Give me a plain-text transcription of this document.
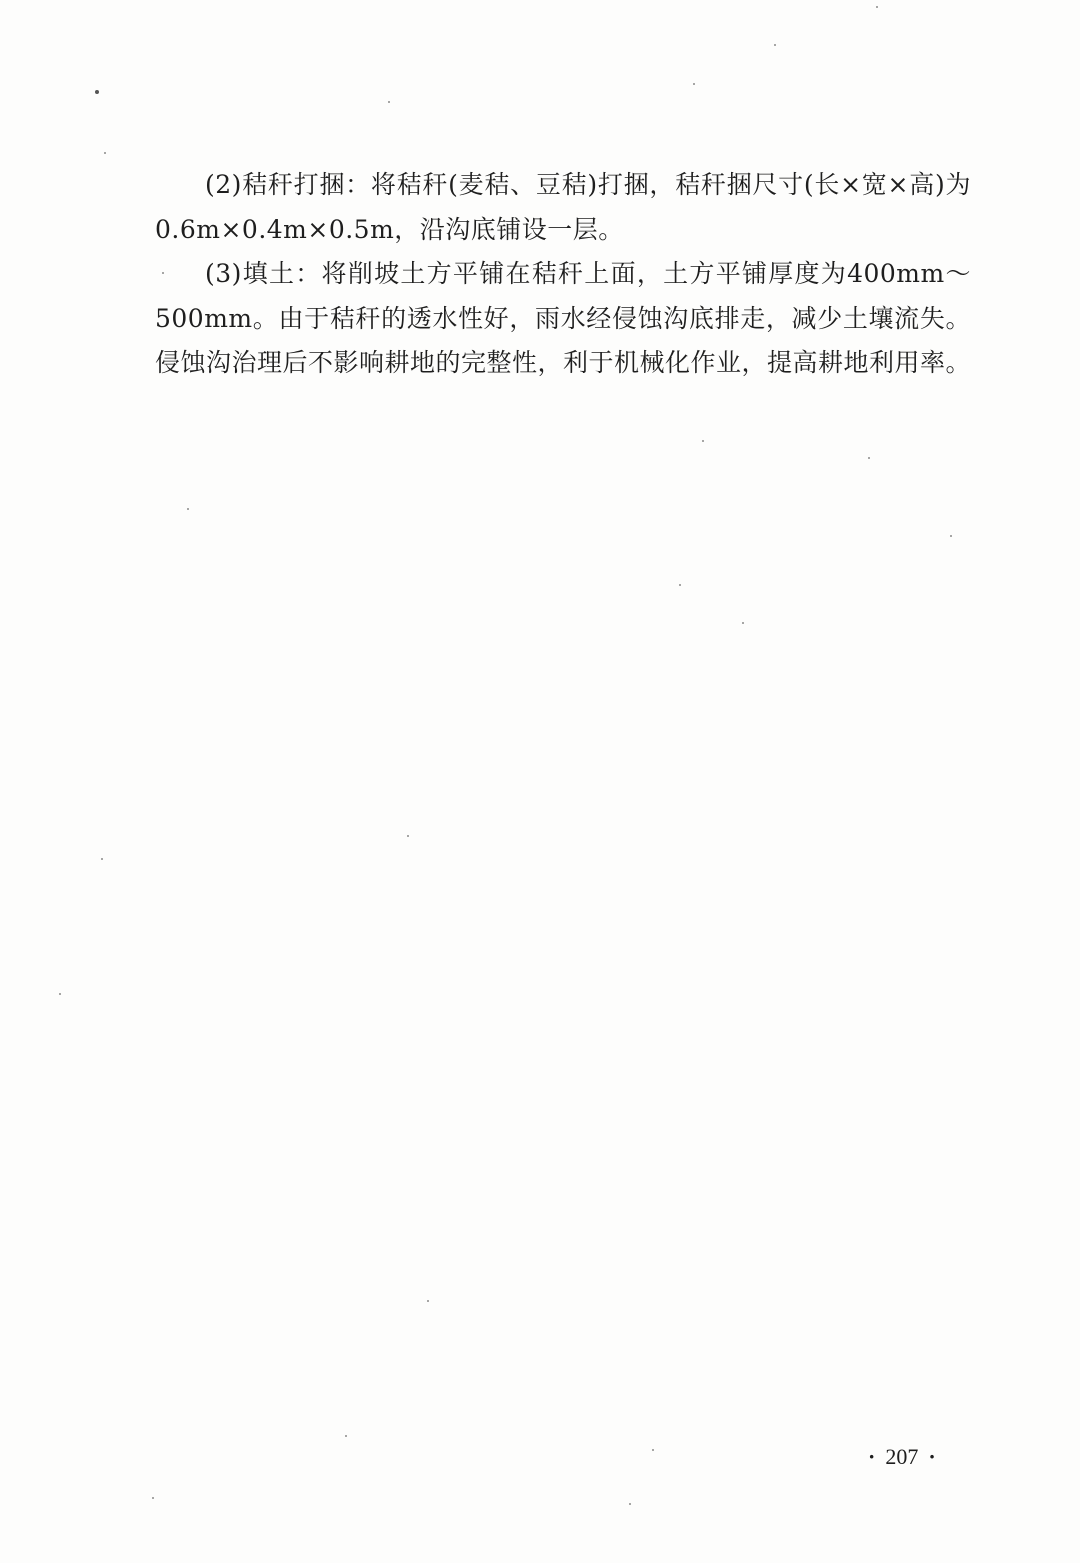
(2)秸秆打捆：将秸秆(麦秸、豆秸)打捆，秸秆捆尺寸(长×宽×高)为 0.6m×0.4m×0.5m，沿沟底铺设一层。

(3)填土：将削坡土方平铺在秸秆上面，土方平铺厚度为400mm～500mm。由于秸秆的透水性好，雨水经侵蚀沟底排走，减少土壤流失。侵蚀沟治理后不影响耕地的完整性，利于机械化作业，提高耕地利用率。

· 207 ·
